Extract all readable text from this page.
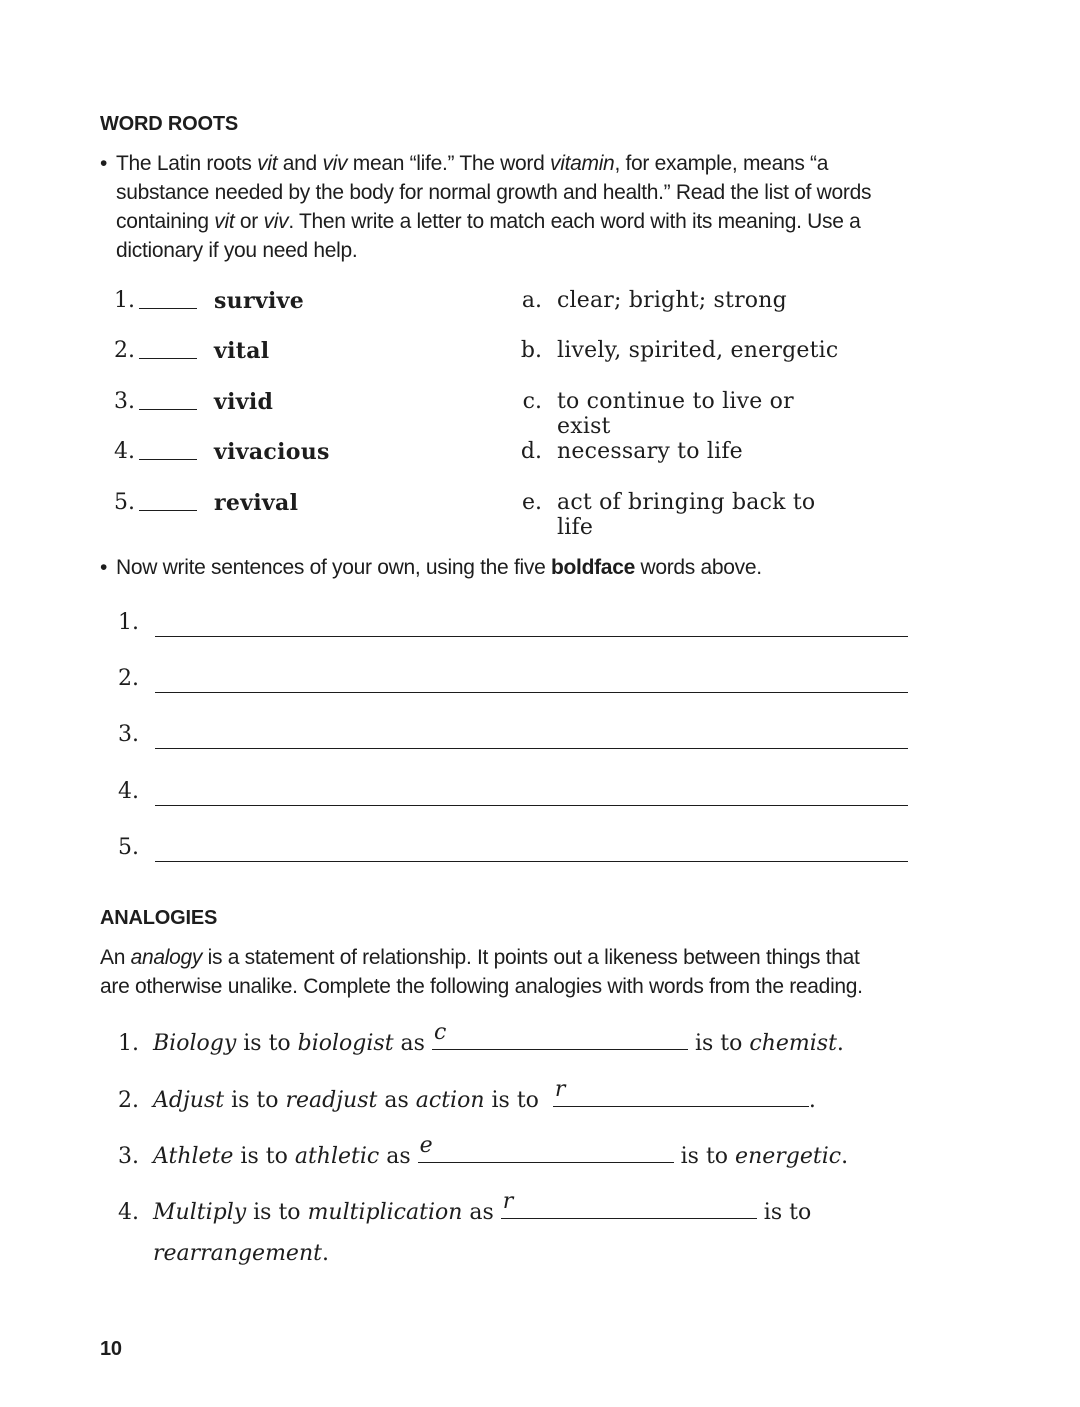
WORD ROOTS
• The Latin roots vit and viv mean “life.” The word vitamin, for example, means “a substance needed by the body for normal growth and health.” Read the list of words containing vit or viv. Then write a letter to match each word with its meaning. Use a dictionary if you need help.
1.	survive	a. clear; bright; strong
2.	vital	b. lively, spirited, energetic
3.	vivid	c. to continue to live or exist
4.	vivacious	d. necessary to life
5.	revival	e. act of bringing back to life
• Now write sentences of your own, using the five boldface words above.
1.
2.
3.
4.
5.
ANALOGIES
An analogy is a statement of relationship. It points out a likeness between things that are otherwise unalike. Complete the following analogies with words from the reading.
1. Biology is to biologist as c	is to chemist.
2. Adjust is to readjust as action is to r	.
3. Athlete is to athletic as e	is to energetic.
4. Multiply is to multiplication as r	is to
rearrangement.
10
